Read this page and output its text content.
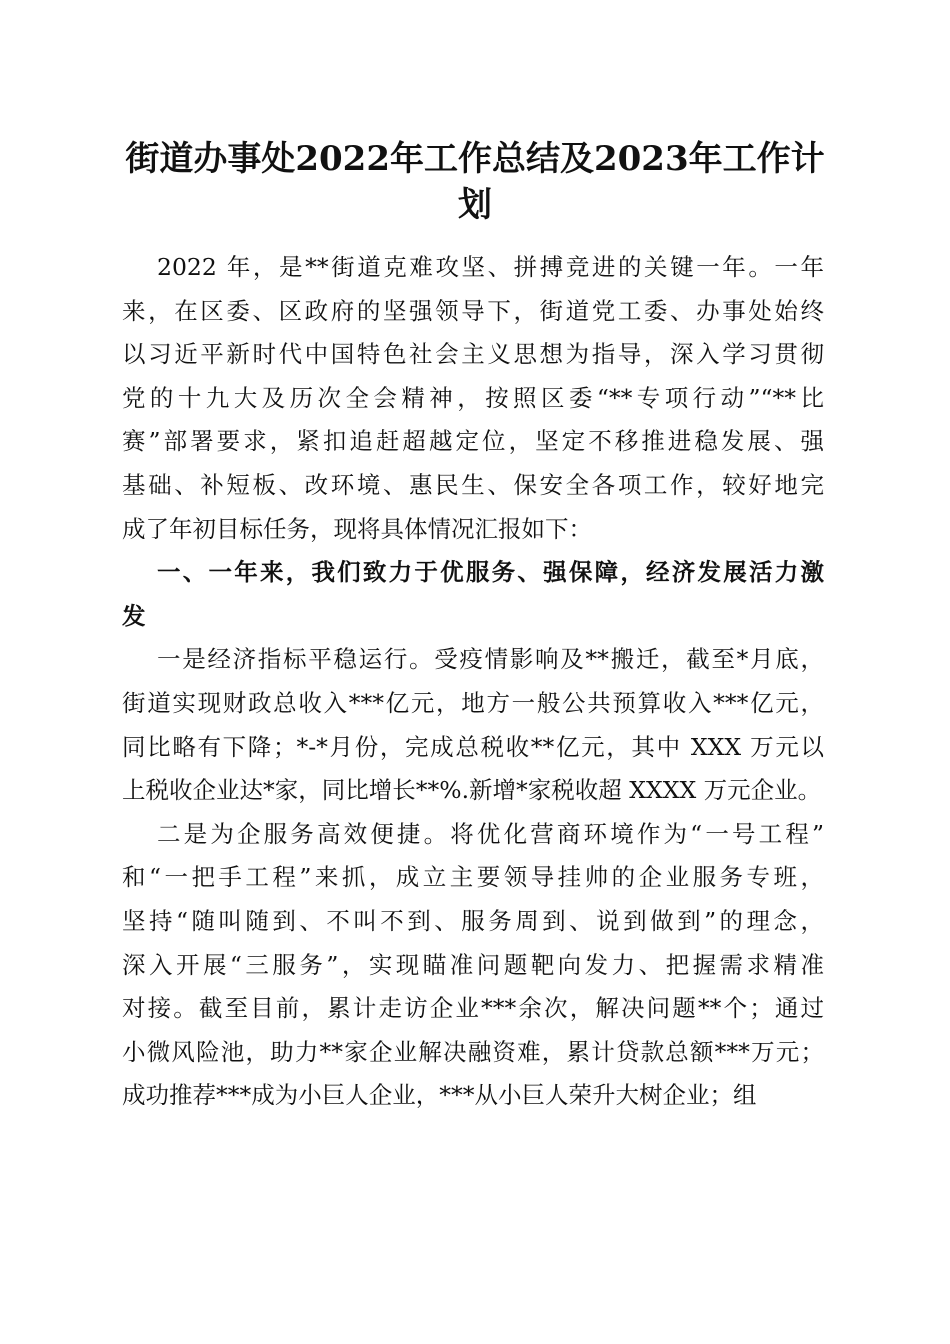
街道办事处2022年工作总结及2023年工作计
划
2022 年，是**街道克难攻坚、拼搏竞进的关键一年。一年
来，在区委、区政府的坚强领导下，街道党工委、办事处始终
以习近平新时代中国特色社会主义思想为指导，深入学习贯彻
党的十九大及历次全会精神，按照区委“**专项行动”“**比
赛”部署要求，紧扣追赶超越定位，坚定不移推进稳发展、强
基础、补短板、改环境、惠民生、保安全各项工作，较好地完
成了年初目标任务，现将具体情况汇报如下：
一、一年来，我们致力于优服务、强保障，经济发展活力激
发
一是经济指标平稳运行。受疫情影响及**搬迁，截至*月底，
街道实现财政总收入***亿元，地方一般公共预算收入***亿元，
同比略有下降；*-*月份，完成总税收**亿元，其中 XXX 万元以
上税收企业达*家，同比增长**%.新增*家税收超 XXXX 万元企业。
二是为企服务高效便捷。将优化营商环境作为“一号工程”
和“一把手工程”来抓，成立主要领导挂帅的企业服务专班，
坚持“随叫随到、不叫不到、服务周到、说到做到”的理念，
深入开展“三服务”，实现瞄准问题靶向发力、把握需求精准
对接。截至目前，累计走访企业***余次，解决问题**个；通过
小微风险池，助力**家企业解决融资难，累计贷款总额***万元；
成功推荐***成为小巨人企业，***从小巨人荣升大树企业；组
